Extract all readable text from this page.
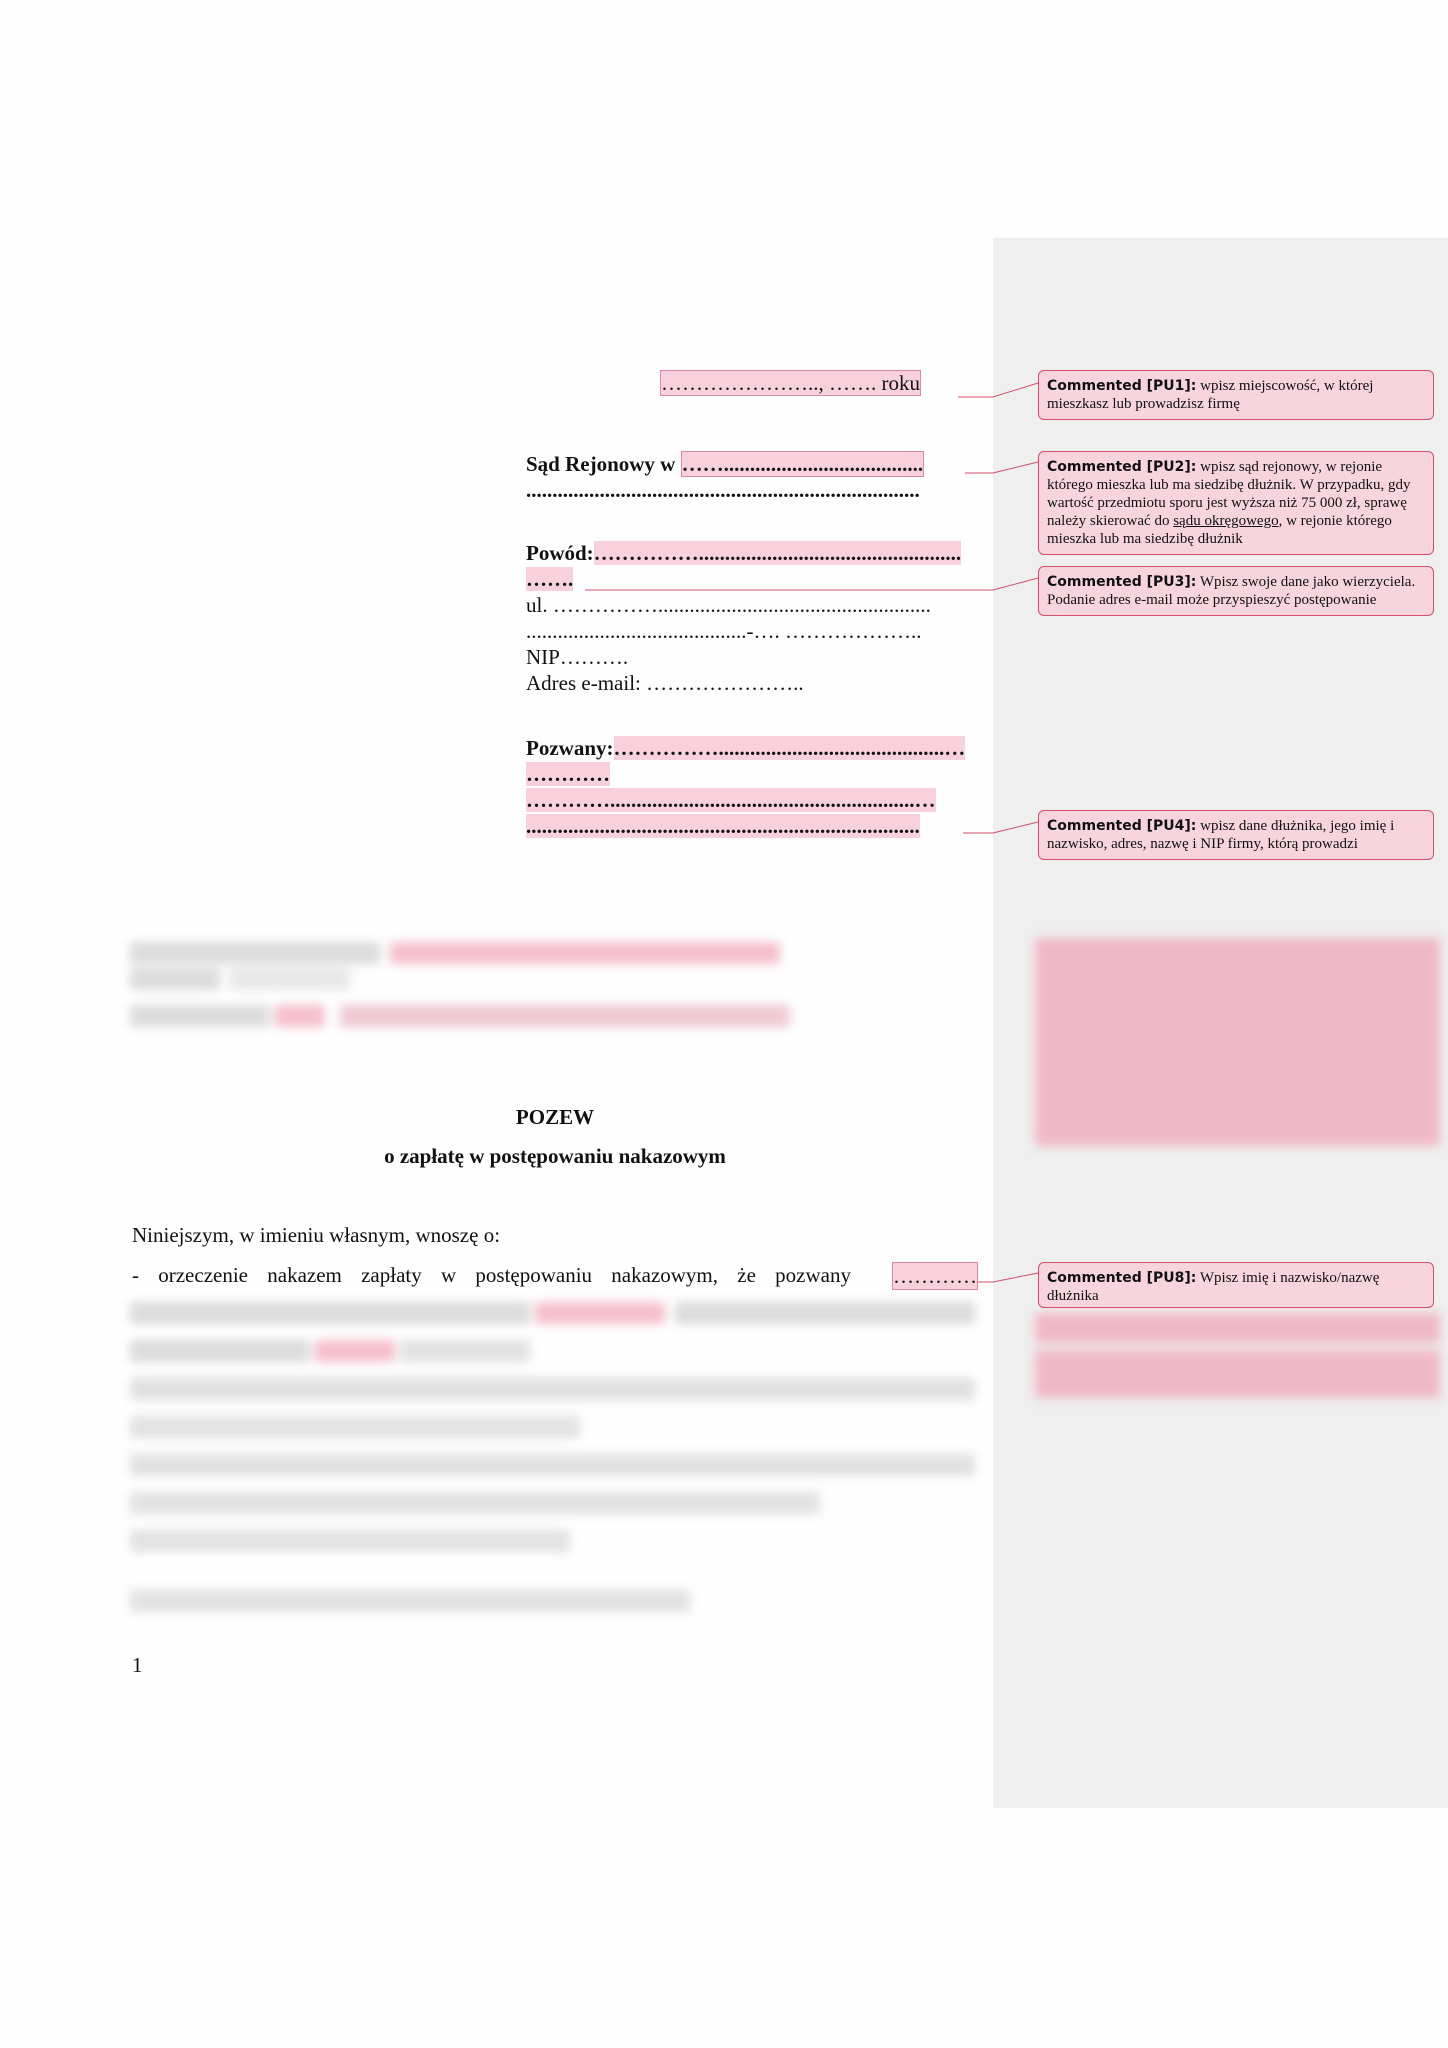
………………….., ……. roku
Sąd Rejonowy w ……......................................
...........................................................................
Powód:……………..................................................
…….
ul. ……………....................................................
..........................................-…. ………………..
NIP……….
Adres e-mail: …………………..
Pozwany:……………...........................................…
…………
…………..........................................................…
...........................................................................
POZEW
o zapłatę w postępowaniu nakazowym
Niniejszym, w imieniu własnym, wnoszę o:
- orzeczenie nakazem zapłaty w postępowaniu nakazowym, że pozwany …………
1
Commented [PU1]: wpisz miejscowość, w której mieszkasz lub prowadzisz firmę
Commented [PU2]: wpisz sąd rejonowy, w rejonie którego mieszka lub ma siedzibę dłużnik. W przypadku, gdy wartość przedmiotu sporu jest wyższa niż 75 000 zł, sprawę należy skierować do sądu okręgowego, w rejonie którego mieszka lub ma siedzibę dłużnik
Commented [PU3]: Wpisz swoje dane jako wierzyciela. Podanie adres e-mail może przyspieszyć postępowanie
Commented [PU4]: wpisz dane dłużnika, jego imię i nazwisko, adres, nazwę i NIP firmy, którą prowadzi
Commented [PU8]: Wpisz imię i nazwisko/nazwę dłużnika
